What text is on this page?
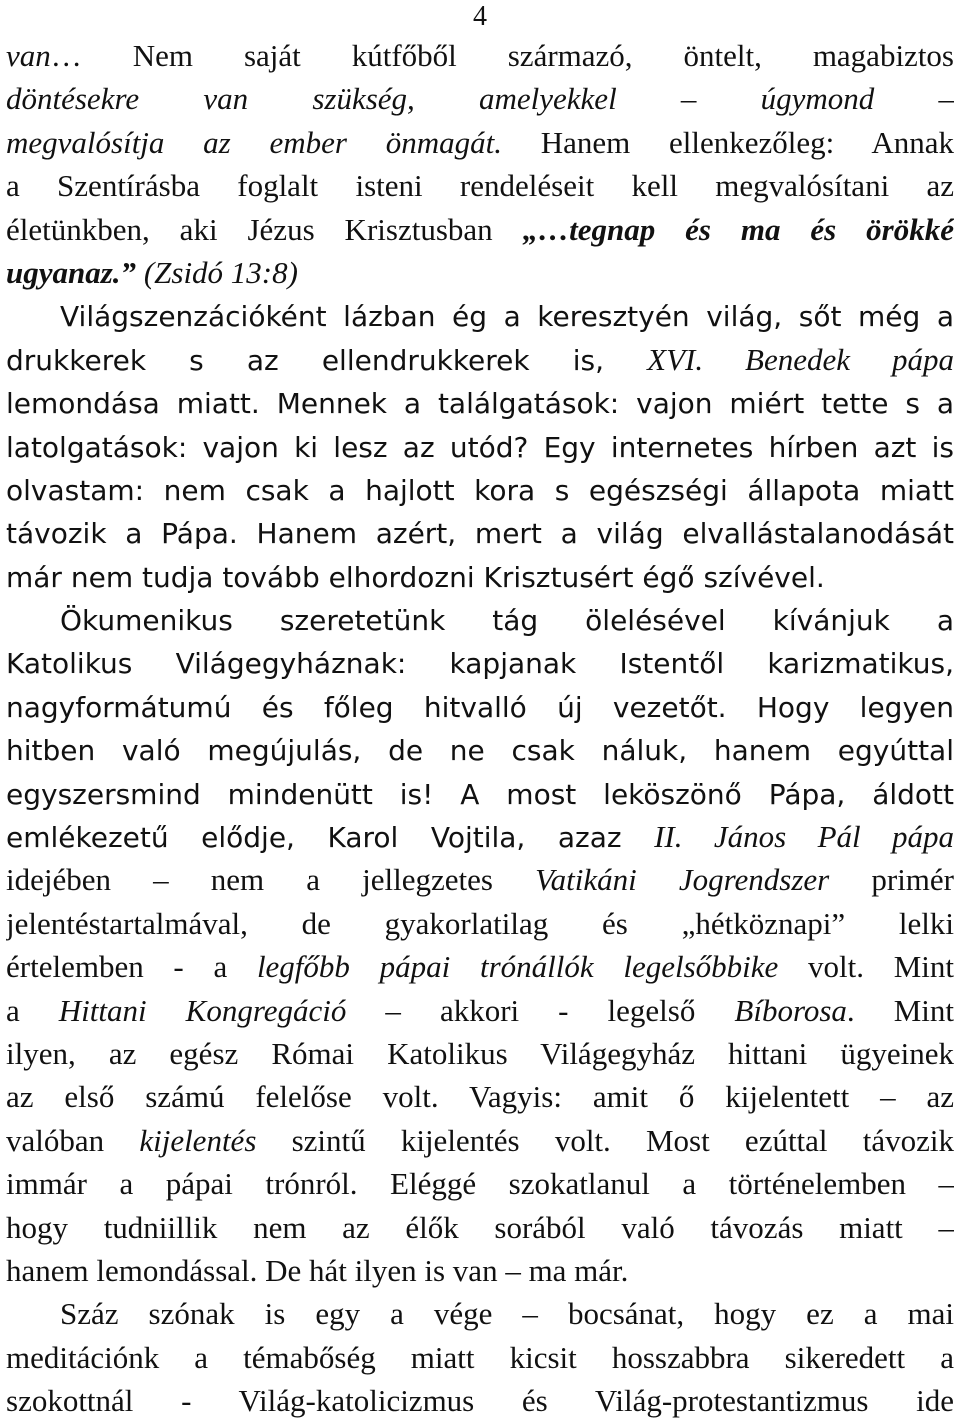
4
van… Nem saját kútfőből származó, öntelt, magabiztos
döntésekre van szükség, amelyekkel – úgymond –
megvalósítja az ember önmagát. Hanem ellenkezőleg: Annak
a Szentírásba foglalt isteni rendeléseit kell megvalósítani az
életünkben, aki Jézus Krisztusban „…tegnap és ma és örökké
ugyanaz.” (Zsidó 13:8)
Világszenzációként lázban ég a keresztyén világ, sőt még a
drukkerek s az ellendrukkerek is, XVI. Benedek pápa
lemondása miatt. Mennek a találgatások: vajon miért tette s a
latolgatások: vajon ki lesz az utód? Egy internetes hírben azt is
olvastam: nem csak a hajlott kora s egészségi állapota miatt
távozik a Pápa. Hanem azért, mert a világ elvallástalanodását
már nem tudja tovább elhordozni Krisztusért égő szívével.
Ökumenikus szeretetünk tág ölelésével kívánjuk a
Katolikus Világegyháznak: kapjanak Istentől karizmatikus,
nagyformátumú és főleg hitvalló új vezetőt. Hogy legyen
hitben való megújulás, de ne csak náluk, hanem egyúttal
egyszersmind mindenütt is! A most leköszönő Pápa, áldott
emlékezetű elődje, Karol Vojtila, azaz II. János Pál pápa
idejében – nem a jellegzetes Vatikáni Jogrendszer primér
jelentéstartalmával, de gyakorlatilag és „hétköznapi” lelki
értelemben - a legfőbb pápai trónállók legelsőbbike volt. Mint
a Hittani Kongregáció – akkori - legelső Bíborosa. Mint
ilyen, az egész Római Katolikus Világegyház hittani ügyeinek
az első számú felelőse volt. Vagyis: amit ő kijelentett – az
valóban kijelentés szintű kijelentés volt. Most ezúttal távozik
immár a pápai trónról. Eléggé szokatlanul a történelemben –
hogy tudniillik nem az élők sorából való távozás miatt –
hanem lemondással. De hát ilyen is van – ma már.
Száz szónak is egy a vége – bocsánat, hogy ez a mai
meditációnk a témabőség miatt kicsit hosszabbra sikeredett a
szokottnál - Világ-katolicizmus és Világ-protestantizmus ide
